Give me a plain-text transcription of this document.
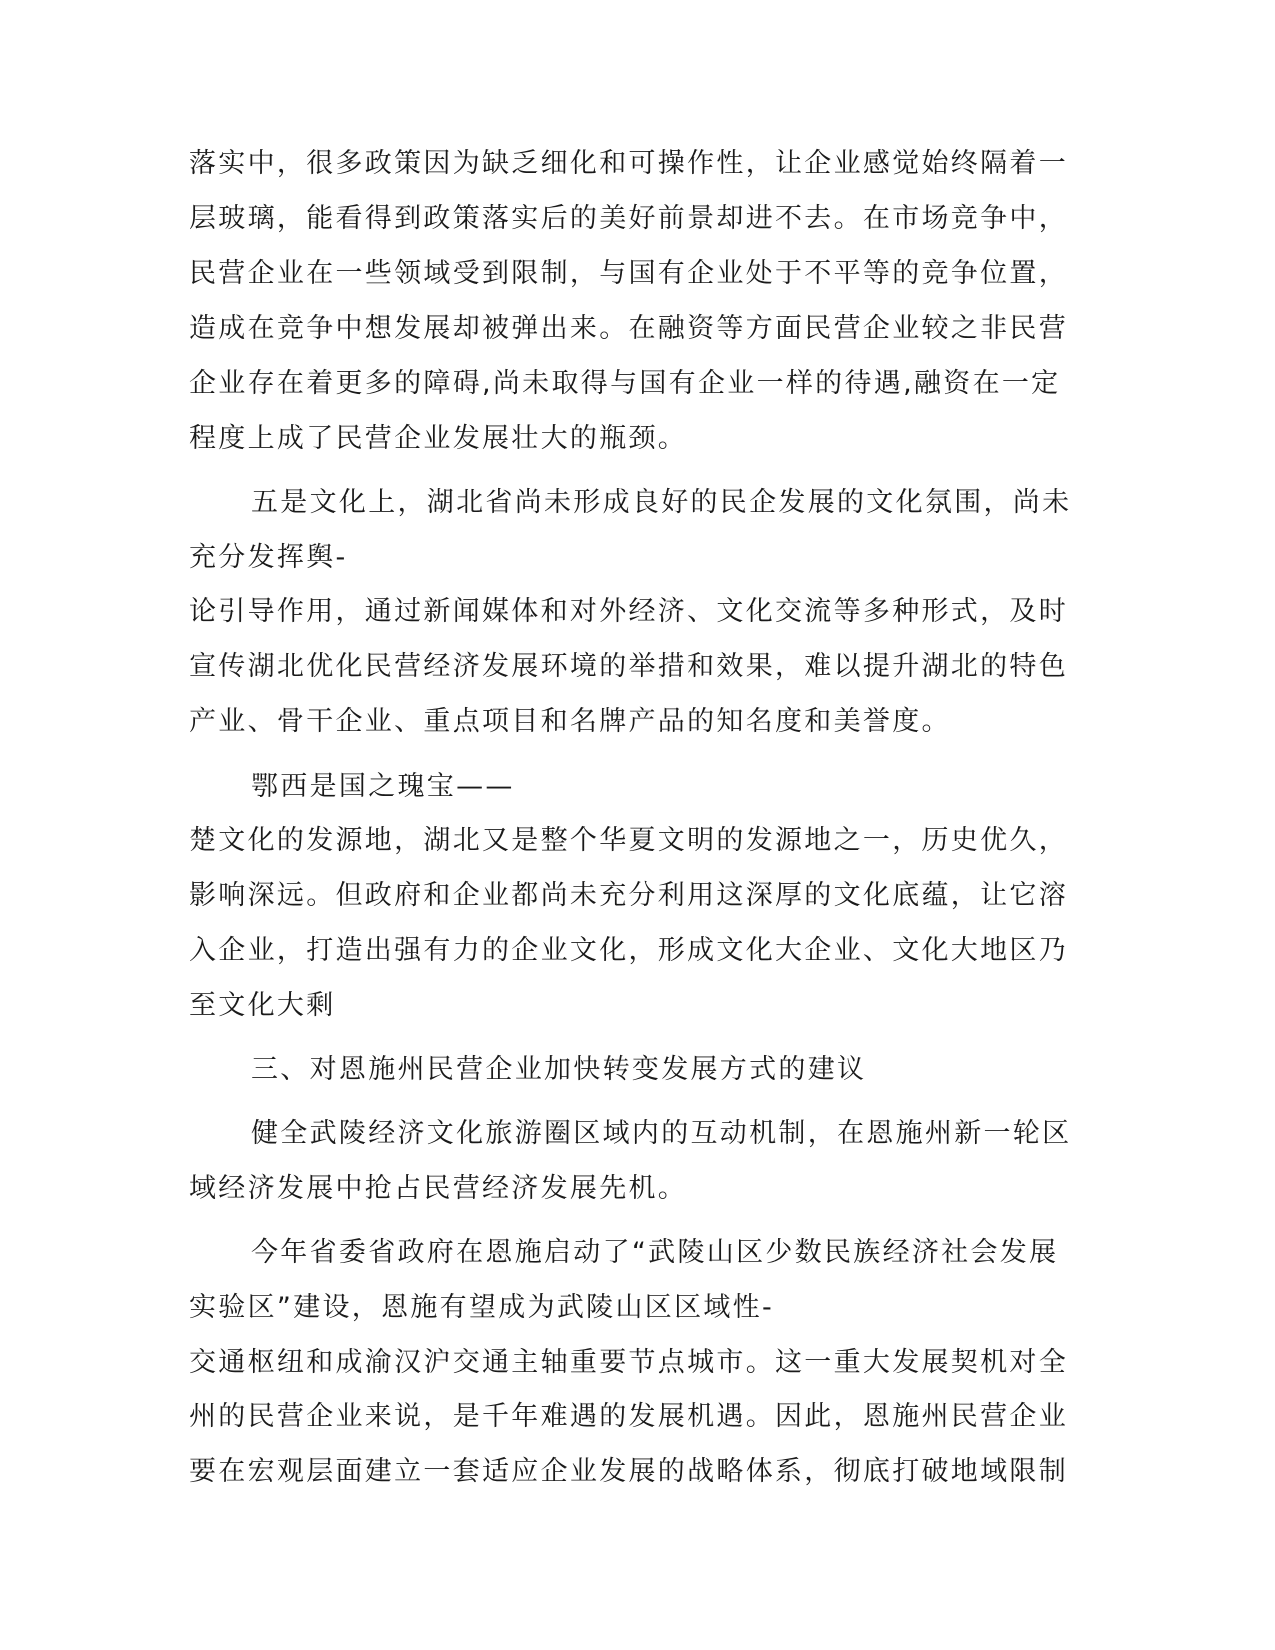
落实中，很多政策因为缺乏细化和可操作性，让企业感觉始终隔着一
层玻璃，能看得到政策落实后的美好前景却进不去。在市场竞争中，
民营企业在一些领域受到限制，与国有企业处于不平等的竞争位置，
造成在竞争中想发展却被弹出来。在融资等方面民营企业较之非民营
企业存在着更多的障碍,尚未取得与国有企业一样的待遇,融资在一定
程度上成了民营企业发展壮大的瓶颈。
五是文化上，湖北省尚未形成良好的民企发展的文化氛围，尚未
充分发挥舆-
论引导作用，通过新闻媒体和对外经济、文化交流等多种形式，及时
宣传湖北优化民营经济发展环境的举措和效果，难以提升湖北的特色
产业、骨干企业、重点项目和名牌产品的知名度和美誉度。
鄂西是国之瑰宝——
楚文化的发源地，湖北又是整个华夏文明的发源地之一，历史优久，
影响深远。但政府和企业都尚未充分利用这深厚的文化底蕴，让它溶
入企业，打造出强有力的企业文化，形成文化大企业、文化大地区乃
至文化大剩
三、对恩施州民营企业加快转变发展方式的建议
健全武陵经济文化旅游圈区域内的互动机制，在恩施州新一轮区
域经济发展中抢占民营经济发展先机。
今年省委省政府在恩施启动了“武陵山区少数民族经济社会发展
实验区”建设，恩施有望成为武陵山区区域性-
交通枢纽和成渝汉沪交通主轴重要节点城市。这一重大发展契机对全
州的民营企业来说，是千年难遇的发展机遇。因此，恩施州民营企业
要在宏观层面建立一套适应企业发展的战略体系，彻底打破地域限制
